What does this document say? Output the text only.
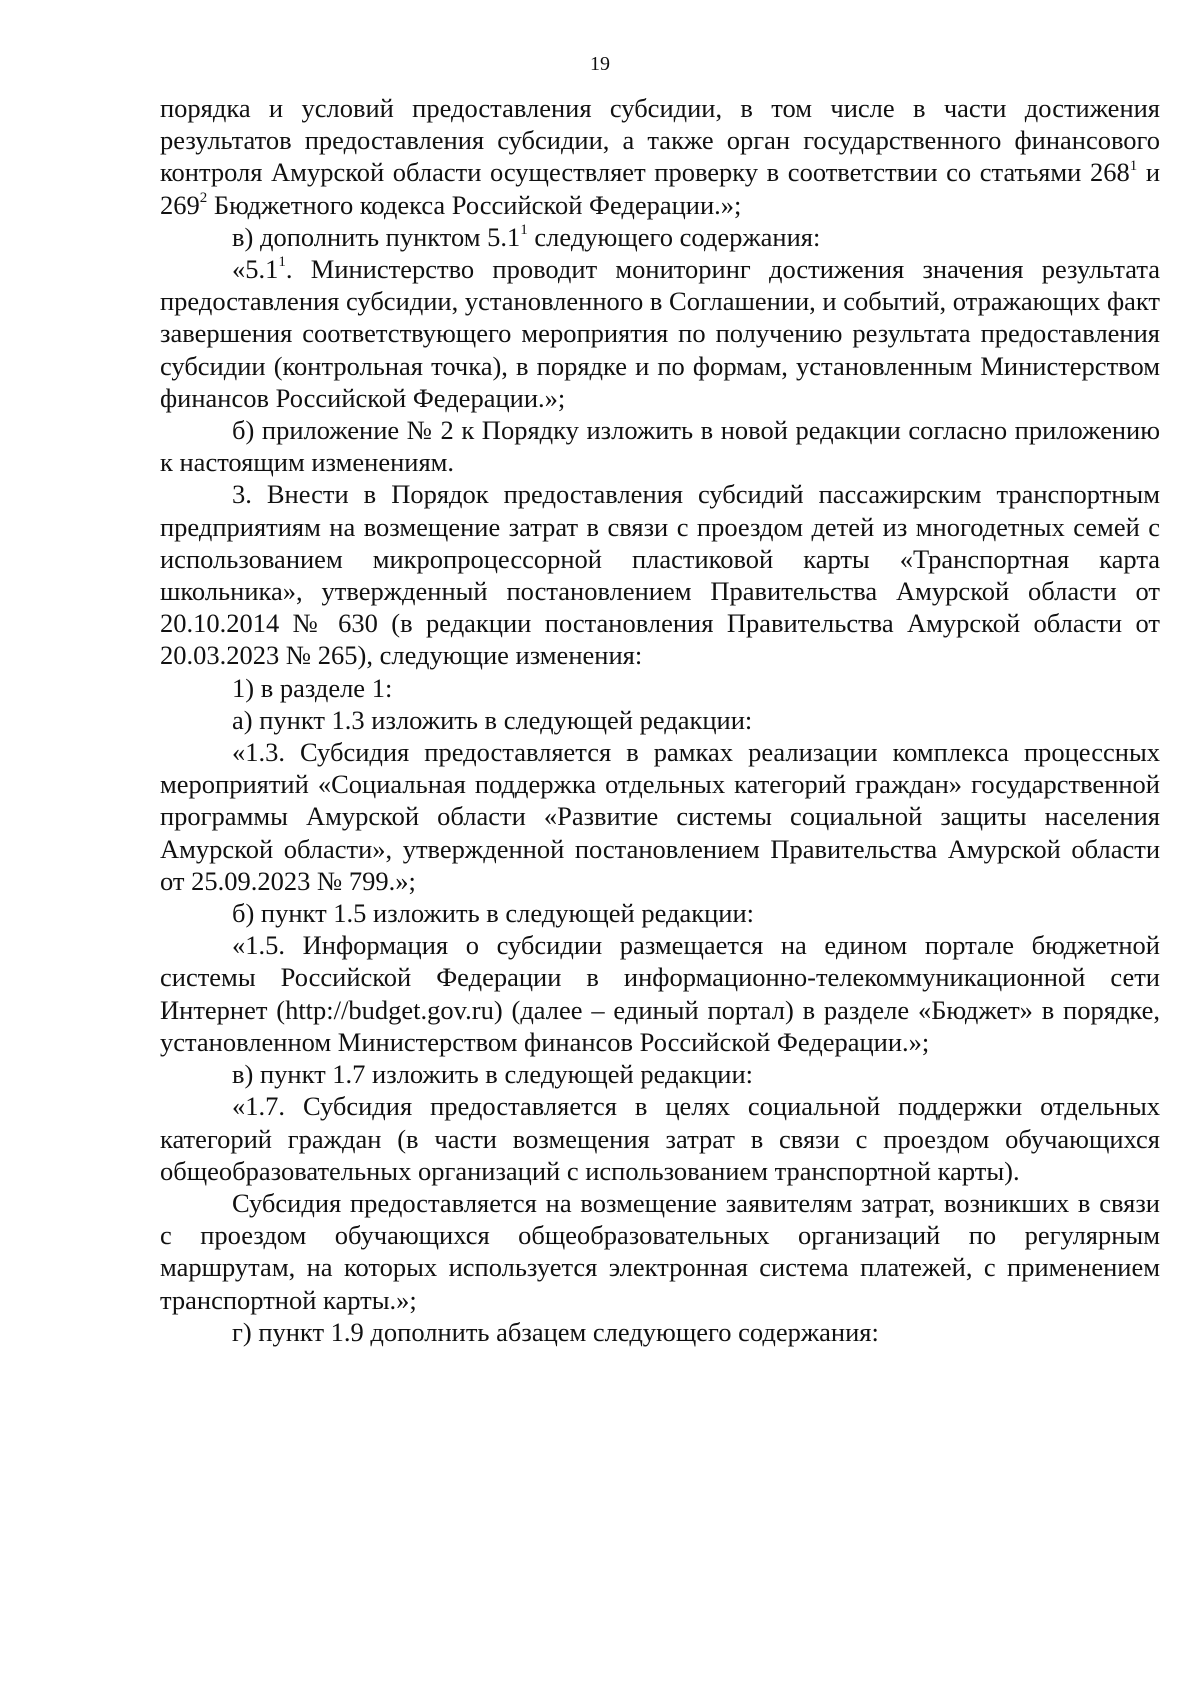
19

порядка и условий предоставления субсидии, в том числе в части достижения результатов предоставления субсидии, а также орган государственного финансового контроля Амурской области осуществляет проверку в соответствии со статьями $268^1$ и $269^2$ Бюджетного кодекса Российской Федерации.»;

в) дополнить пунктом $5.1^1$ следующего содержания:

«$5.1^1$. Министерство проводит мониторинг достижения значения результата предоставления субсидии, установленного в Соглашении, и событий, отражающих факт завершения соответствующего мероприятия по получению результата предоставления субсидии (контрольная точка), в порядке и по формам, установленным Министерством финансов Российской Федерации.»;

б) приложение № 2 к Порядку изложить в новой редакции согласно приложению к настоящим изменениям.

3. Внести в Порядок предоставления субсидий пассажирским транспортным предприятиям на возмещение затрат в связи с проездом детей из многодетных семей с использованием микропроцессорной пластиковой карты «Транспортная карта школьника», утвержденный постановлением Правительства Амурской области от 20.10.2014 № 630 (в редакции постановления Правительства Амурской области от 20.03.2023 № 265), следующие изменения:

1) в разделе 1:

а) пункт 1.3 изложить в следующей редакции:

«1.3. Субсидия предоставляется в рамках реализации комплекса процессных мероприятий «Социальная поддержка отдельных категорий граждан» государственной программы Амурской области «Развитие системы социальной защиты населения Амурской области», утвержденной постановлением Правительства Амурской области от 25.09.2023 № 799.»;

б) пункт 1.5 изложить в следующей редакции:

«1.5. Информация о субсидии размещается на едином портале бюджетной системы Российской Федерации в информационно-телекоммуникационной сети Интернет (http://budget.gov.ru) (далее – единый портал) в разделе «Бюджет» в порядке, установленном Министерством финансов Российской Федерации.»;

в) пункт 1.7 изложить в следующей редакции:

«1.7. Субсидия предоставляется в целях социальной поддержки отдельных категорий граждан (в части возмещения затрат в связи с проездом обучающихся общеобразовательных организаций с использованием транспортной карты).

Субсидия предоставляется на возмещение заявителям затрат, возникших в связи с проездом обучающихся общеобразовательных организаций по регулярным маршрутам, на которых используется электронная система платежей, с применением транспортной карты.»;

г) пункт 1.9 дополнить абзацем следующего содержания:
